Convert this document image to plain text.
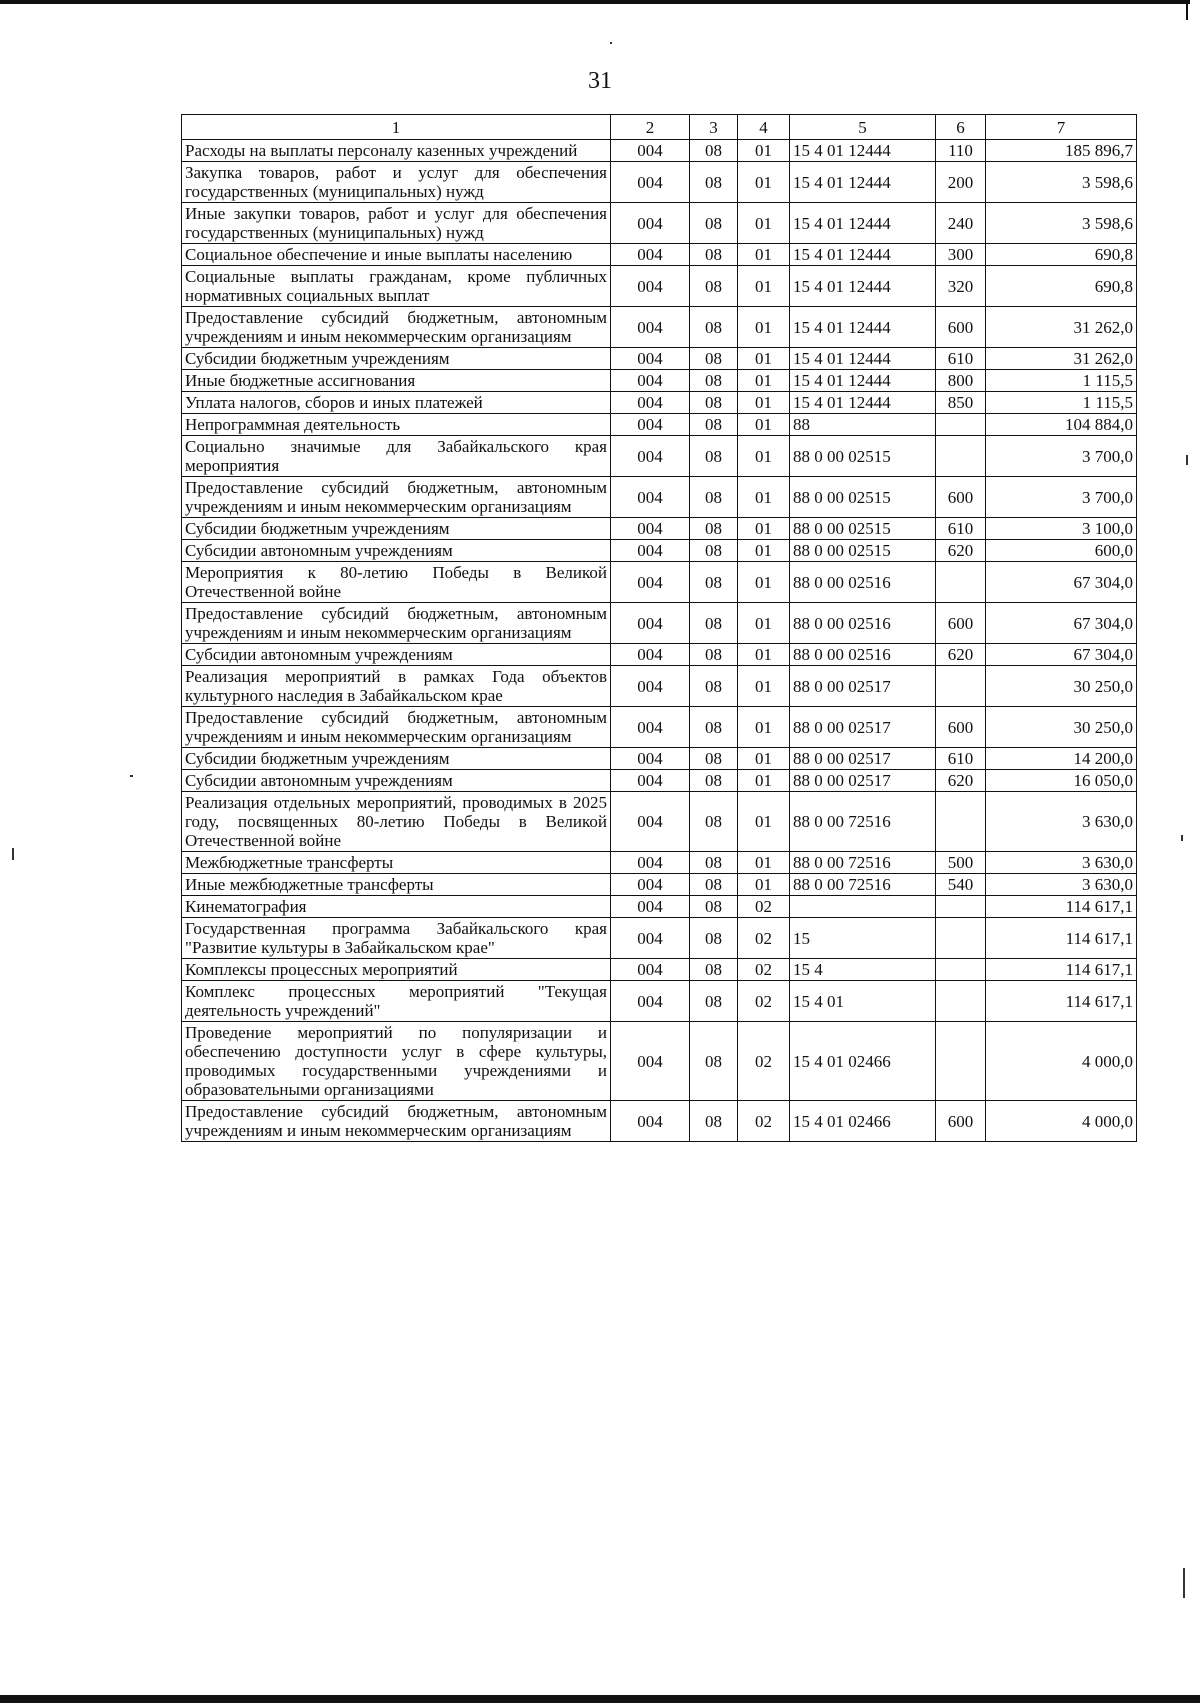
31
1	2	3	4	5	6	7
Расходы на выплаты персоналу казенных учреждений	004	08	01	15 4 01 12444	110	185 896,7
Закупка товаров, работ и услуг для обеспечения государственных (муниципальных) нужд	004	08	01	15 4 01 12444	200	3 598,6
Иные закупки товаров, работ и услуг для обеспечения государственных (муниципальных) нужд	004	08	01	15 4 01 12444	240	3 598,6
Социальное обеспечение и иные выплаты населению	004	08	01	15 4 01 12444	300	690,8
Социальные выплаты гражданам, кроме публичных нормативных социальных выплат	004	08	01	15 4 01 12444	320	690,8
Предоставление субсидий бюджетным, автономным учреждениям и иным некоммерческим организациям	004	08	01	15 4 01 12444	600	31 262,0
Субсидии бюджетным учреждениям	004	08	01	15 4 01 12444	610	31 262,0
Иные бюджетные ассигнования	004	08	01	15 4 01 12444	800	1 115,5
Уплата налогов, сборов и иных платежей	004	08	01	15 4 01 12444	850	1 115,5
Непрограммная деятельность	004	08	01	88		104 884,0
Социально значимые для Забайкальского края мероприятия	004	08	01	88 0 00 02515		3 700,0
Предоставление субсидий бюджетным, автономным учреждениям и иным некоммерческим организациям	004	08	01	88 0 00 02515	600	3 700,0
Субсидии бюджетным учреждениям	004	08	01	88 0 00 02515	610	3 100,0
Субсидии автономным учреждениям	004	08	01	88 0 00 02515	620	600,0
Мероприятия к 80-летию Победы в Великой Отечественной войне	004	08	01	88 0 00 02516		67 304,0
Предоставление субсидий бюджетным, автономным учреждениям и иным некоммерческим организациям	004	08	01	88 0 00 02516	600	67 304,0
Субсидии автономным учреждениям	004	08	01	88 0 00 02516	620	67 304,0
Реализация мероприятий в рамках Года объектов культурного наследия в Забайкальском крае	004	08	01	88 0 00 02517		30 250,0
Предоставление субсидий бюджетным, автономным учреждениям и иным некоммерческим организациям	004	08	01	88 0 00 02517	600	30 250,0
Субсидии бюджетным учреждениям	004	08	01	88 0 00 02517	610	14 200,0
Субсидии автономным учреждениям	004	08	01	88 0 00 02517	620	16 050,0
Реализация отдельных мероприятий, проводимых в 2025 году, посвященных 80-летию Победы в Великой Отечественной войне	004	08	01	88 0 00 72516		3 630,0
Межбюджетные трансферты	004	08	01	88 0 00 72516	500	3 630,0
Иные межбюджетные трансферты	004	08	01	88 0 00 72516	540	3 630,0
Кинематография	004	08	02			114 617,1
Государственная программа Забайкальского края "Развитие культуры в Забайкальском крае"	004	08	02	15		114 617,1
Комплексы процессных мероприятий	004	08	02	15 4		114 617,1
Комплекс процессных мероприятий "Текущая деятельность учреждений"	004	08	02	15 4 01		114 617,1
Проведение мероприятий по популяризации и обеспечению доступности услуг в сфере культуры, проводимых государственными учреждениями и образовательными организациями	004	08	02	15 4 01 02466		4 000,0
Предоставление субсидий бюджетным, автономным учреждениям и иным некоммерческим организациям	004	08	02	15 4 01 02466	600	4 000,0
